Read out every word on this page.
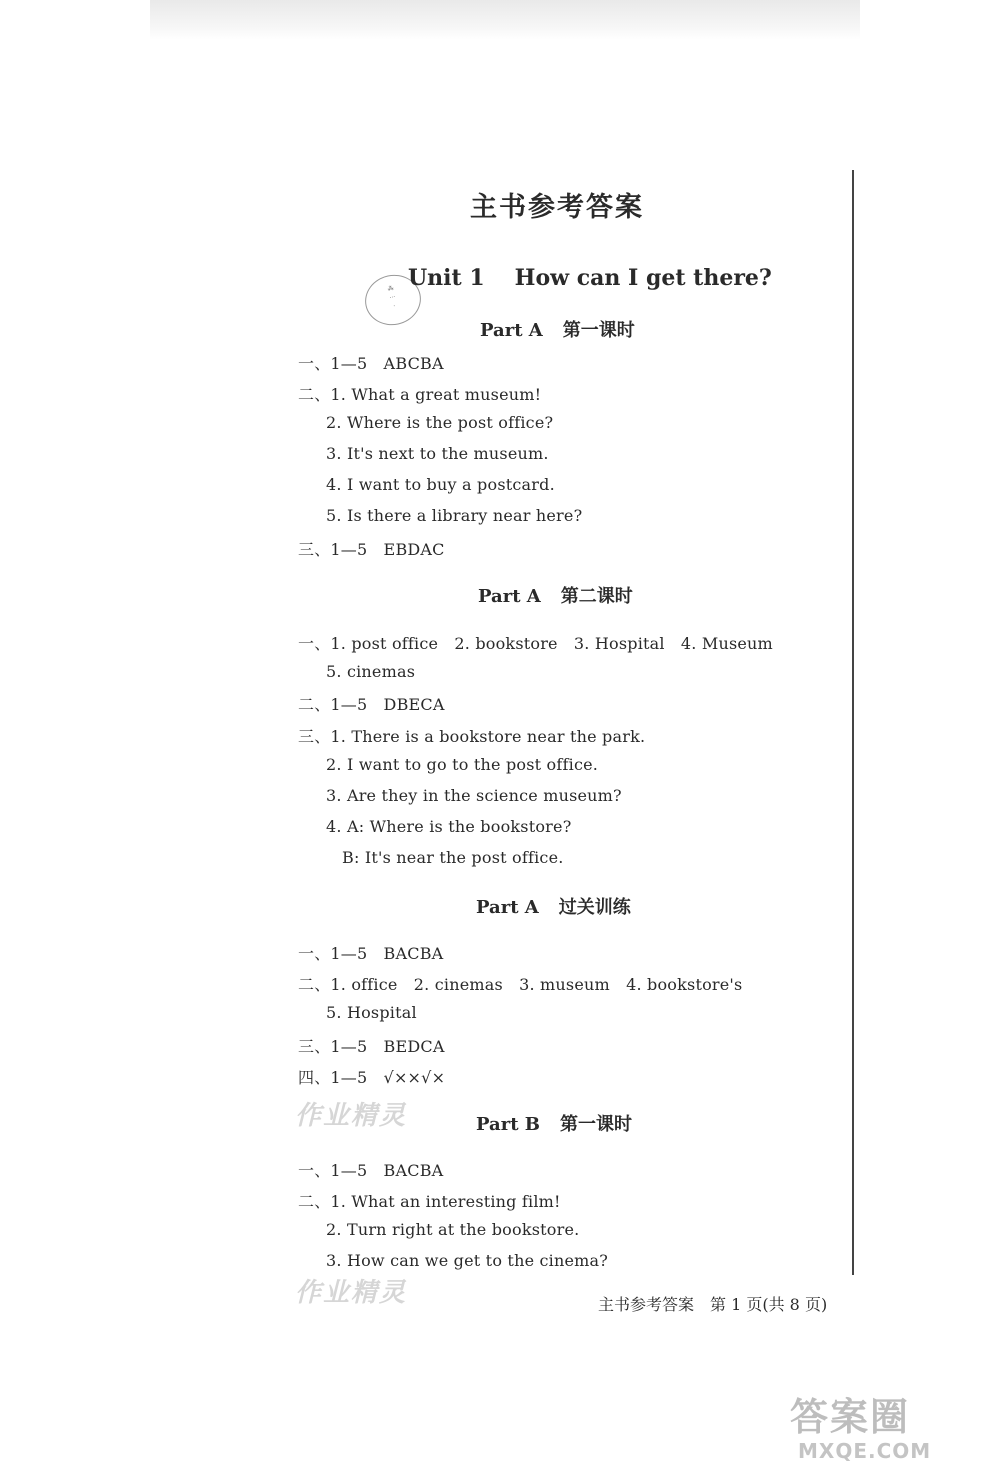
主书参考答案
⁂
···
·
Unit 1 How can I get there?
Part A 第一课时
一、1—5　ABCBA
二、1. What a great museum!
2. Where is the post office?
3. It's next to the museum.
4. I want to buy a postcard.
5. Is there a library near here?
三、1—5　EBDAC
Part A 第二课时
一、1. post office　2. bookstore　3. Hospital　4. Museum
5. cinemas
二、1—5　DBECA
三、1. There is a bookstore near the park.
2. I want to go to the post office.
3. Are they in the science museum?
4. A: Where is the bookstore?
B: It's near the post office.
Part A 过关训练
一、1—5　BACBA
二、1. office　2. cinemas　3. museum　4. bookstore's
5. Hospital
三、1—5　BEDCA
四、1—5　√××√×
作业精灵	Part B 第一课时
一、1—5　BACBA
二、1. What an interesting film!
2. Turn right at the bookstore.
3. How can we get to the cinema?
作业精灵	主书参考答案　第 1 页(共 8 页)
答案圈
MXQE.COM
